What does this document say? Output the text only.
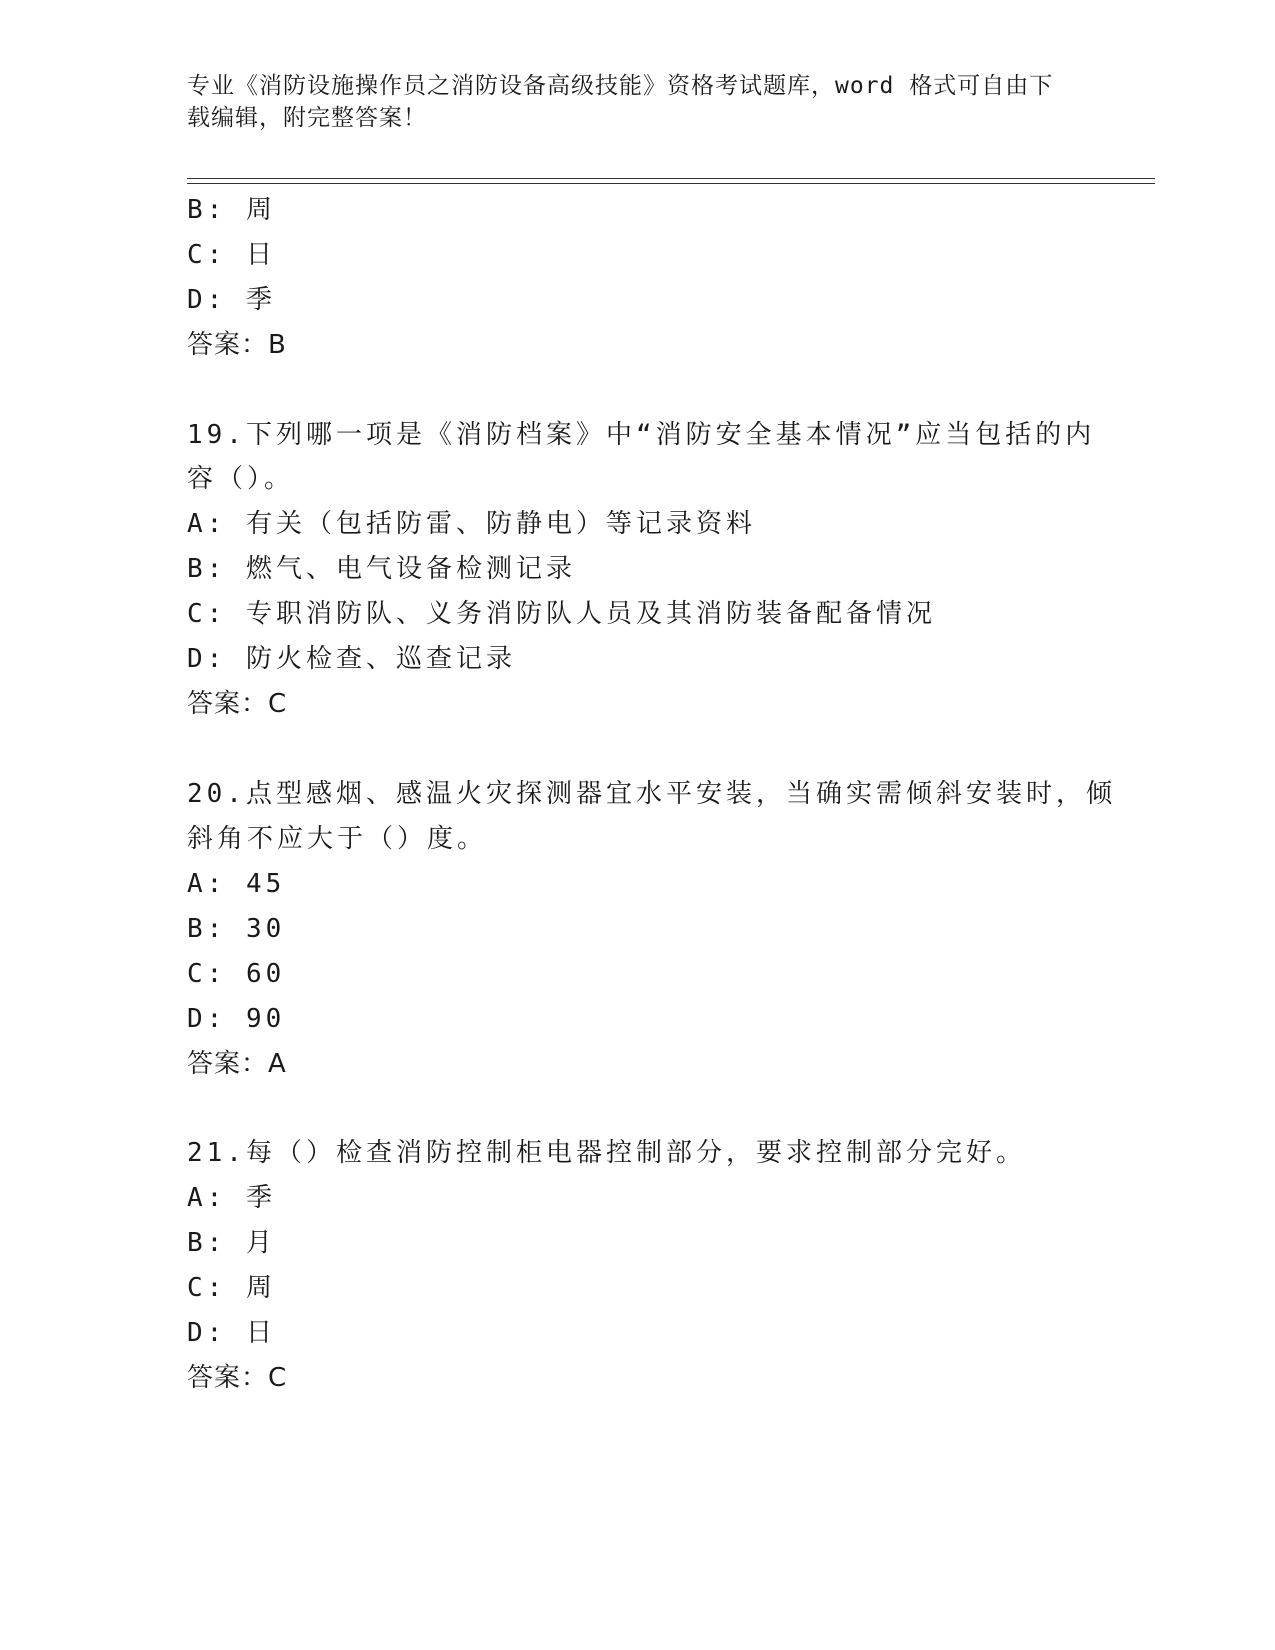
专业《消防设施操作员之消防设备高级技能》资格考试题库，word 格式可自由下
载编辑，附完整答案！
B: 周
C: 日
D: 季
答案：B
19.下列哪一项是《消防档案》中“消防安全基本情况”应当包括的内
容（）。
A: 有关（包括防雷、防静电）等记录资料
B: 燃气、电气设备检测记录
C: 专职消防队、义务消防队人员及其消防装备配备情况
D: 防火检查、巡查记录
答案：C
20.点型感烟、感温火灾探测器宜水平安装，当确实需倾斜安装时，倾
斜角不应大于（）度。
A: 45
B: 30
C: 60
D: 90
答案：A
21.每（）检查消防控制柜电器控制部分，要求控制部分完好。
A: 季
B: 月
C: 周
D: 日
答案：C
